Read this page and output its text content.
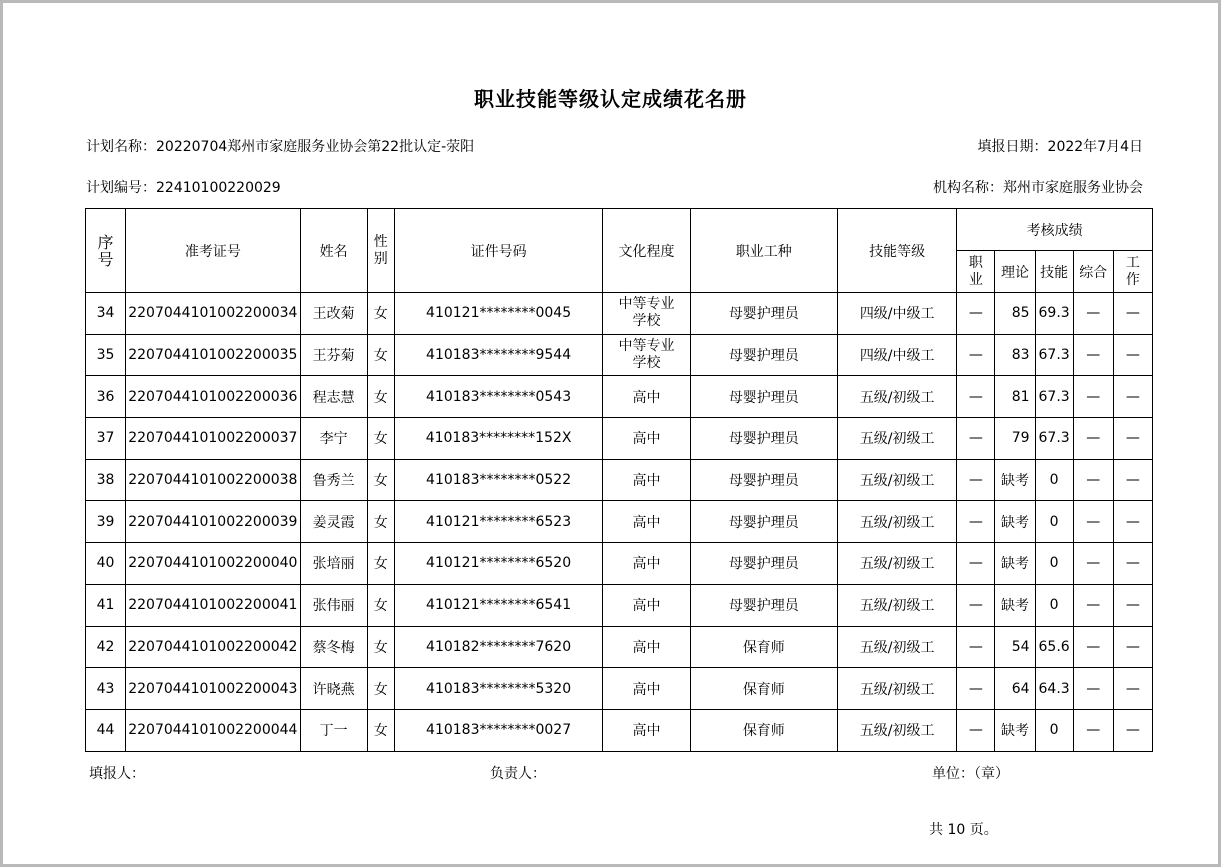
职业技能等级认定成绩花名册
计划名称：20220704郑州市家庭服务业协会第22批认定-荥阳	填报日期：2022年7月4日
计划编号：22410100220029	机构名称：郑州市家庭服务业协会
序号	准考证号	姓名	性别	证件号码	文化程度	职业工种	技能等级	考核成绩				
								职业	理论	技能	综合	工作
34	2207044101002200034	王改菊	女	410121********0045	中等专业学校	母婴护理员	四级/中级工	—	85	69.3	—	—
35	2207044101002200035	王芬菊	女	410183********9544	中等专业学校	母婴护理员	四级/中级工	—	83	67.3	—	—
36	2207044101002200036	程志慧	女	410183********0543	高中	母婴护理员	五级/初级工	—	81	67.3	—	—
37	2207044101002200037	李宁	女	410183********152X	高中	母婴护理员	五级/初级工	—	79	67.3	—	—
38	2207044101002200038	鲁秀兰	女	410183********0522	高中	母婴护理员	五级/初级工	—	缺考	0	—	—
39	2207044101002200039	姜灵霞	女	410121********6523	高中	母婴护理员	五级/初级工	—	缺考	0	—	—
40	2207044101002200040	张培丽	女	410121********6520	高中	母婴护理员	五级/初级工	—	缺考	0	—	—
41	2207044101002200041	张伟丽	女	410121********6541	高中	母婴护理员	五级/初级工	—	缺考	0	—	—
42	2207044101002200042	蔡冬梅	女	410182********7620	高中	保育师	五级/初级工	—	54	65.6	—	—
43	2207044101002200043	许晓燕	女	410183********5320	高中	保育师	五级/初级工	—	64	64.3	—	—
44	2207044101002200044	丁一	女	410183********0027	高中	保育师	五级/初级工	—	缺考	0	—	—
填报人：	负责人：	单位：（章）
共 10 页。
